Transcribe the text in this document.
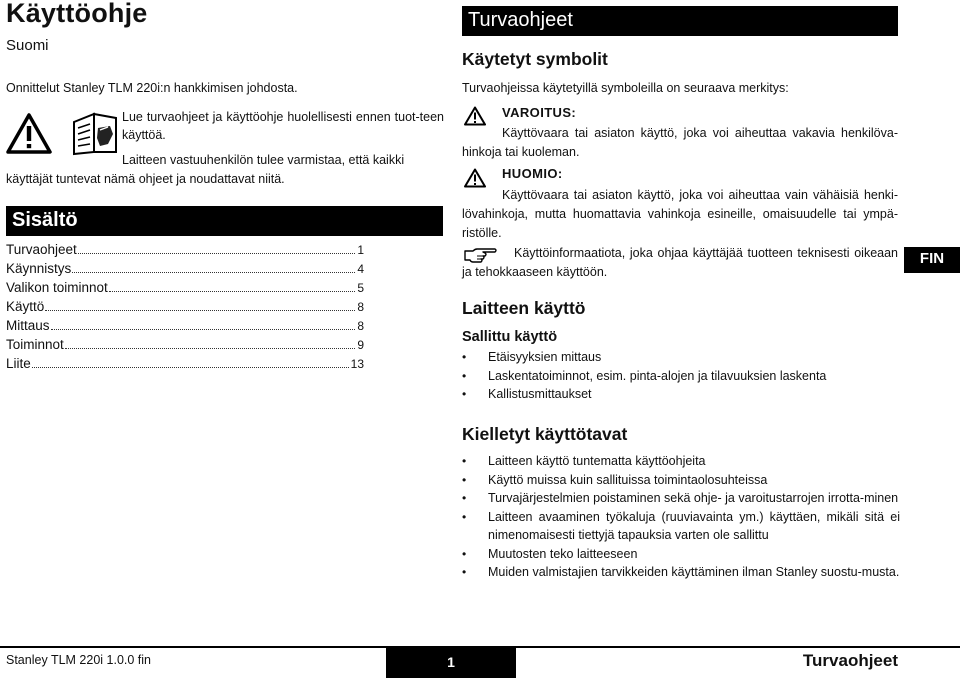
Käyttöohje
Suomi

Onnittelut Stanley TLM 220i:n hankkimisen johdosta.

Lue turvaohjeet ja käyttöohje huolellisesti ennen tuot-teen käyttöä.

Laitteen vastuuhenkilön tulee varmistaa, että kaikki

käyttäjät tuntevat nämä ohjeet ja noudattavat niitä.

Sisältö
Turvaohjeet	1
Käynnistys	4
Valikon toiminnot	5
Käyttö	8
Mittaus	8
Toiminnot	9
Liite	13
Turvaohjeet
Käytetyt symbolit

Turvaohjeissa käytetyillä symboleilla on seuraava merkitys:

VAROITUS:

Käyttövaara tai asiaton käyttö, joka voi aiheuttaa vakavia henkilöva-hinkoja tai kuoleman.

HUOMIO:

Käyttövaara tai asiaton käyttö, joka voi aiheuttaa vain vähäisiä henki-lövahinkoja, mutta huomattavia vahinkoja esineille, omaisuudelle tai ympä-ristölle.

Käyttöinformaatiota, joka ohjaa käyttäjää tuotteen teknisesti oikeaan ja tehokkaaseen käyttöön.

Laitteen käyttö
Sallittu käyttö
• Etäisyyksien mittaus
• Laskentatoiminnot, esim. pinta-alojen ja tilavuuksien laskenta
• Kallistusmittaukset
Kielletyt käyttötavat
• Laitteen käyttö tuntematta käyttöohjeita
• Käyttö muissa kuin sallituissa toimintaolosuhteissa
• Turvajärjestelmien poistaminen sekä ohje- ja varoitustarrojen irrotta-minen
• Laitteen avaaminen työkaluja (ruuviavainta ym.) käyttäen, mikäli sitä ei nimenomaisesti tiettyjä tapauksia varten ole sallittu
• Muutosten teko laitteeseen
• Muiden valmistajien tarvikkeiden käyttäminen ilman Stanley suostu-musta.
FIN
Stanley TLM 220i 1.0.0 fin	1	Turvaohjeet
